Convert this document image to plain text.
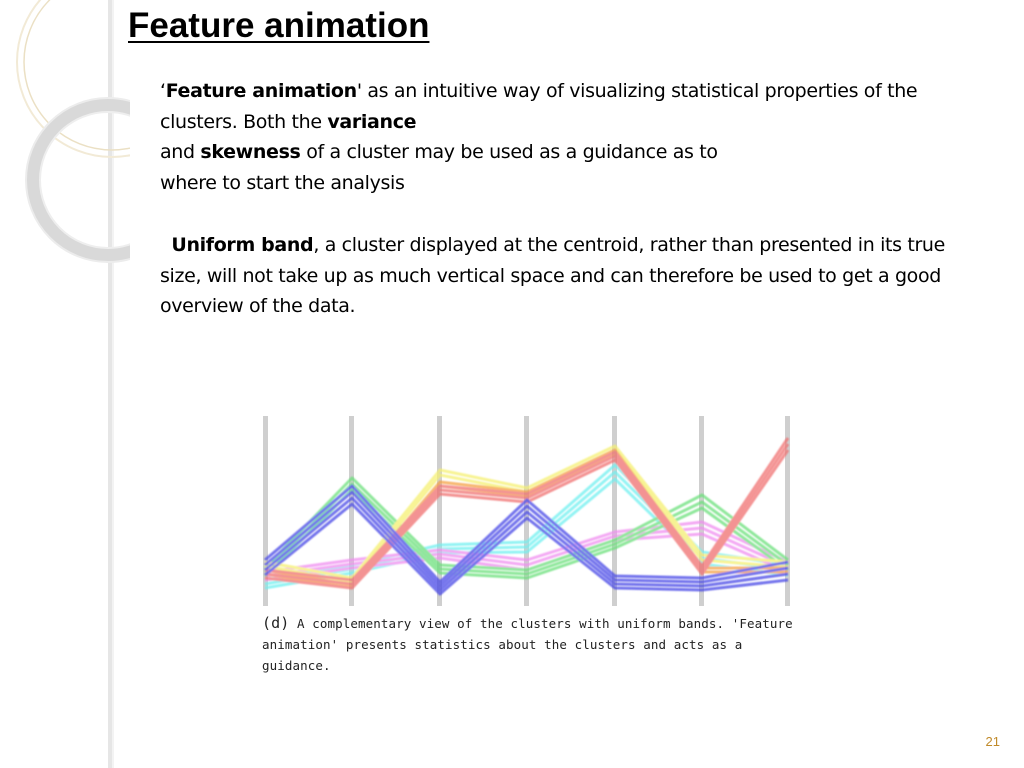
Feature animation

‘Feature animation' as an intuitive way of visualizing statistical properties of the clusters. Both the variance
and skewness of a cluster may be used as a guidance as to
where to start the analysis

Uniform band, a cluster displayed at the centroid, rather than presented in its true size, will not take up as much vertical space and can therefore be used to get a good overview of the data.

(d) A complementary view of the clusters with uniform bands. 'Feature animation' presents statistics about the clusters and acts as a guidance.

21
